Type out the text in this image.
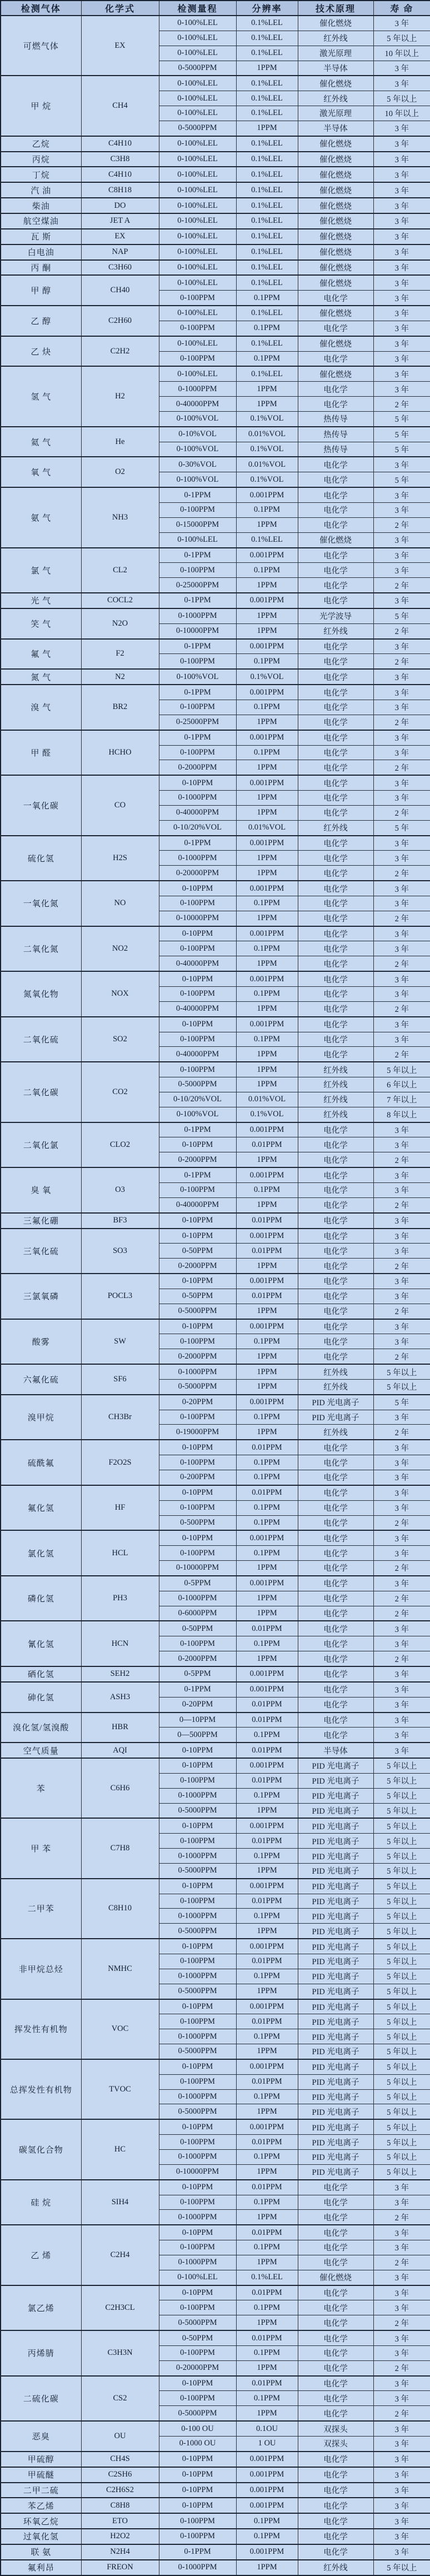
检测气体	化学式	检测量程	分辨率	技术原理	寿 命
可燃气体	EX	0-100%LEL	0.1%LEL	催化燃烧	3 年
		0-100%LEL	0.1%LEL	红外线	5 年以上
		0-100%LEL	0.1%LEL	激光原理	10 年以上
		0-5000PPM	1PPM	半导体	3 年
甲 烷	CH4	0-100%LEL	0.1%LEL	催化燃烧	3 年
		0-100%LEL	0.1%LEL	红外线	5 年以上
		0-100%LEL	0.1%LEL	激光原理	10 年以上
		0-5000PPM	1PPM	半导体	3 年
乙烷	C4H10	0-100%LEL	0.1%LEL	催化燃烧	3 年
丙烷	C3H8	0-100%LEL	0.1%LEL	催化燃烧	3 年
丁烷	C4H10	0-100%LEL	0.1%LEL	催化燃烧	3 年
汽 油	C8H18	0-100%LEL	0.1%LEL	催化燃烧	3 年
柴油	DO	0-100%LEL	0.1%LEL	催化燃烧	3 年
航空煤油	JET A	0-100%LEL	0.1%LEL	催化燃烧	3 年
瓦 斯	EX	0-100%LEL	0.1%LEL	催化燃烧	3 年
白电油	NAP	0-100%LEL	0.1%LEL	催化燃烧	3 年
丙 酮	C3H60	0-100%LEL	0.1%LEL	催化燃烧	3 年
甲 醇	CH40	0-100%LEL	0.1%LEL	催化燃烧	3 年
		0-100PPM	0.1PPM	电化学	3 年
乙 醇	C2H60	0-100%LEL	0.1%LEL	催化燃烧	3 年
		0-100PPM	0.1PPM	电化学	3 年
乙 炔	C2H2	0-100%LEL	0.1%LEL	催化燃烧	3 年
		0-100PPM	0.1PPM	电化学	3 年
氢 气	H2	0-100%LEL	0.1%LEL	催化燃烧	3 年
		0-1000PPM	1PPM	电化学	3 年
		0-40000PPM	1PPM	电化学	2 年
		0-100%VOL	0.1%VOL	热传导	5 年
氦 气	He	0-10%VOL	0.01%VOL	热传导	5 年
		0-100%VOL	0.1%VOL	热传导	5 年
氧 气	O2	0-30%VOL	0.01%VOL	电化学	3 年
		0-100%VOL	0.1%VOL	电化学	5 年
氨 气	NH3	0-1PPM	0.001PPM	电化学	3 年
		0-100PPM	0.1PPM	电化学	3 年
		0-15000PPM	1PPM	电化学	2 年
		0-100%LEL	0.1%LEL	催化燃烧	3 年
氯 气	CL2	0-1PPM	0.001PPM	电化学	3 年
		0-100PPM	0.1PPM	电化学	3 年
		0-25000PPM	1PPM	电化学	2 年
光 气	COCL2	0-1PPM	0.001PPM	电化学	3 年
笑 气	N2O	0-1000PPM	1PPM	光学波导	5 年
		0-10000PPM	1PPM	红外线	2 年
氟 气	F2	0-1PPM	0.001PPM	电化学	3 年
		0-100PPM	0.1PPM	电化学	2 年
氮 气	N2	0-100%VOL	0.1%VOL	电化学	3 年
溴 气	BR2	0-1PPM	0.001PPM	电化学	3 年
		0-100PPM	0.1PPM	电化学	3 年
		0-25000PPM	1PPM	电化学	2 年
甲 醛	HCHO	0-1PPM	0.001PPM	电化学	3 年
		0-100PPM	0.1PPM	电化学	3 年
		0-2000PPM	1PPM	电化学	2 年
一氧化碳	CO	0-10PPM	0.001PPM	电化学	3 年
		0-1000PPM	1PPM	电化学	3 年
		0-40000PPM	1PPM	电化学	2 年
		0-10/20%VOL	0.01%VOL	红外线	5 年
硫化氢	H2S	0-1PPM	0.001PPM	电化学	3 年
		0-1000PPM	1PPM	电化学	3 年
		0-20000PPM	1PPM	电化学	2 年
一氧化氮	NO	0-10PPM	0.001PPM	电化学	3 年
		0-100PPM	0.1PPM	电化学	3 年
		0-10000PPM	1PPM	电化学	2 年
二氧化氮	NO2	0-10PPM	0.001PPM	电化学	3 年
		0-100PPM	0.1PPM	电化学	3 年
		0-40000PPM	1PPM	电化学	2 年
氮氧化物	NOX	0-10PPM	0.001PPM	电化学	3 年
		0-100PPM	0.1PPM	电化学	3 年
		0-40000PPM	1PPM	电化学	2 年
二氧化硫	SO2	0-10PPM	0.001PPM	电化学	3 年
		0-100PPM	0.1PPM	电化学	3 年
		0-40000PPM	1PPM	电化学	2 年
二氧化碳	CO2	0-100PPM	1PPM	红外线	5 年以上
		0-5000PPM	1PPM	红外线	6 年以上
		0-10/20%VOL	0.01%VOL	红外线	7 年以上
		0-100%VOL	0.1%VOL	红外线	8 年以上
二氧化氯	CLO2	0-1PPM	0.001PPM	电化学	3 年
		0-10PPM	0.01PPM	电化学	3 年
		0-2000PPM	1PPM	电化学	2 年
臭 氧	O3	0-1PPM	0.001PPM	电化学	3 年
		0-100PPM	0.1PPM	电化学	3 年
		0-40000PPM	1PPM	电化学	2 年
三氟化硼	BF3	0-10PPM	0.01PPM	电化学	3 年
三氧化硫	SO3	0-10PPM	0.001PPM	电化学	3 年
		0-50PPM	0.01PPM	电化学	3 年
		0-2000PPM	1PPM	电化学	2 年
三氯氧磷	POCL3	0-10PPM	0.001PPM	电化学	3 年
		0-50PPM	0.01PPM	电化学	3 年
		0-5000PPM	1PPM	电化学	2 年
酸雾	SW	0-10PPM	0.001PPM	电化学	3 年
		0-100PPM	0.1PPM	电化学	3 年
		0-2000PPM	1PPM	电化学	2 年
六氟化硫	SF6	0-1000PPM	1PPM	红外线	5 年以上
		0-5000PPM	1PPM	红外线	5 年以上
溴甲烷	CH3Br	0-20PPM	0.001PPM	PID 光电离子	5 年
		0-100PPM	0.1PPM	PID 光电离子	3 年
		0-19000PPM	1PPM	红外线	2 年
硫酰氟	F2O2S	0-10PPM	0.01PPM	电化学	3 年
		0-100PPM	0.1PPM	电化学	3 年
		0-200PPM	0.1PPM	电化学	3 年
氟化氢	HF	0-10PPM	0.01PPM	电化学	3 年
		0-100PPM	0.1PPM	电化学	3 年
		0-500PPM	0.1PPM	电化学	2 年
氯化氢	HCL	0-10PPM	0.001PPM	电化学	3 年
		0-100PPM	0.1PPM	电化学	3 年
		0-10000PPM	1PPM	电化学	2 年
磷化氢	PH3	0-5PPM	0.001PPM	电化学	3 年
		0-1000PPM	1PPM	电化学	2 年
		0-6000PPM	1PPM	电化学	2 年
氰化氢	HCN	0-50PPM	0.01PPM	电化学	3 年
		0-100PPM	0.1PPM	电化学	3 年
		0-2000PPM	1PPM	电化学	2 年
硒化氢	SEH2	0-5PPM	0.001PPM	电化学	3 年
砷化氢	ASH3	0-1PPM	0.001PPM	电化学	3 年
		0-20PPM	0.01PPM	电化学	3 年
溴化氢/氢溴酸	HBR	0—10PPM	0.01PPM	电化学	3 年
		0—500PPM	0.1PPM	电化学	3 年
空气质量	AQI	0-10PPM	0.01PPM	半导体	3 年
苯	C6H6	0-10PPM	0.001PPM	PID 光电离子	5 年以上
		0-100PPM	0.01PPM	PID 光电离子	5 年以上
		0-1000PPM	0.1PPM	PID 光电离子	5 年以上
		0-5000PPM	1PPM	PID 光电离子	5 年以上
甲 苯	C7H8	0-10PPM	0.001PPM	PID 光电离子	5 年以上
		0-100PPM	0.01PPM	PID 光电离子	5 年以上
		0-1000PPM	0.1PPM	PID 光电离子	5 年以上
		0-5000PPM	1PPM	PID 光电离子	5 年以上
二甲苯	C8H10	0-10PPM	0.001PPM	PID 光电离子	5 年以上
		0-100PPM	0.01PPM	PID 光电离子	5 年以上
		0-1000PPM	0.1PPM	PID 光电离子	5 年以上
		0-5000PPM	1PPM	PID 光电离子	5 年以上
非甲烷总烃	NMHC	0-10PPM	0.001PPM	PID 光电离子	5 年以上
		0-100PPM	0.01PPM	PID 光电离子	5 年以上
		0-1000PPM	0.1PPM	PID 光电离子	5 年以上
		0-5000PPM	1PPM	PID 光电离子	5 年以上
挥发性有机物	VOC	0-10PPM	0.001PPM	PID 光电离子	5 年以上
		0-100PPM	0.01PPM	PID 光电离子	5 年以上
		0-1000PPM	0.1PPM	PID 光电离子	5 年以上
		0-5000PPM	1PPM	PID 光电离子	5 年以上
总挥发性有机物	TVOC	0-10PPM	0.001PPM	PID 光电离子	5 年以上
		0-100PPM	0.01PPM	PID 光电离子	5 年以上
		0-1000PPM	0.1PPM	PID 光电离子	5 年以上
		0-5000PPM	1PPM	PID 光电离子	5 年以上
碳氢化合物	HC	0-10PPM	0.001PPM	PID 光电离子	5 年以上
		0-100PPM	0.01PPM	PID 光电离子	5 年以上
		0-1000PPM	0.1PPM	PID 光电离子	5 年以上
		0-10000PPM	1PPM	PID 光电离子	5 年以上
硅 烷	SIH4	0-10PPM	0.01PPM	电化学	3 年
		0-100PPM	0.1PPM	电化学	3 年
		0-1000PPM	1PPM	电化学	2 年
乙 烯	C2H4	0-10PPM	0.01PPM	电化学	3 年
		0-100PPM	0.1PPM	电化学	3 年
		0-1000PPM	1PPM	电化学	2 年
		0-100%LEL	0.1%LEL	催化燃烧	3 年
氯乙烯	C2H3CL	0-10PPM	0.01PPM	电化学	3 年
		0-100PPM	0.1PPM	电化学	3 年
		0-5000PPM	1PPM	电化学	2 年
丙烯腈	C3H3N	0-50PPM	0.01PPM	电化学	3 年
		0-100PPM	0.1PPM	电化学	3 年
		0-20000PPM	1PPM	电化学	2 年
二硫化碳	CS2	0-10PPM	0.01PPM	电化学	3 年
		0-100PPM	0.1PPM	电化学	3 年
		0-5000PPM	1PPM	电化学	2 年
恶臭	OU	0-100 OU	0.1OU	双探头	3 年
		0-1000 OU	1 OU	双探头	3 年
甲硫醇	CH4S	0-10PPM	0.001PPM	电化学	3 年
甲硫醚	C2SH6	0-10PPM	0.001PPM	电化学	3 年
二甲二硫	C2H6S2	0-10PPM	0.001PPM	电化学	3 年
苯乙烯	C8H8	0-10PPM	0.001PPM	电化学	3 年
环氧乙烷	ETO	0-100PPM	0.1PPM	电化学	3 年
过氧化氢	H2O2	0-100PPM	0.1PPM	电化学	3 年
联 氨	N2H4	0-1PPM	0.001PPM	电化学	3 年
氟利昂	FREON	0-1000PPM	1PPM	红外线	5 年以上
